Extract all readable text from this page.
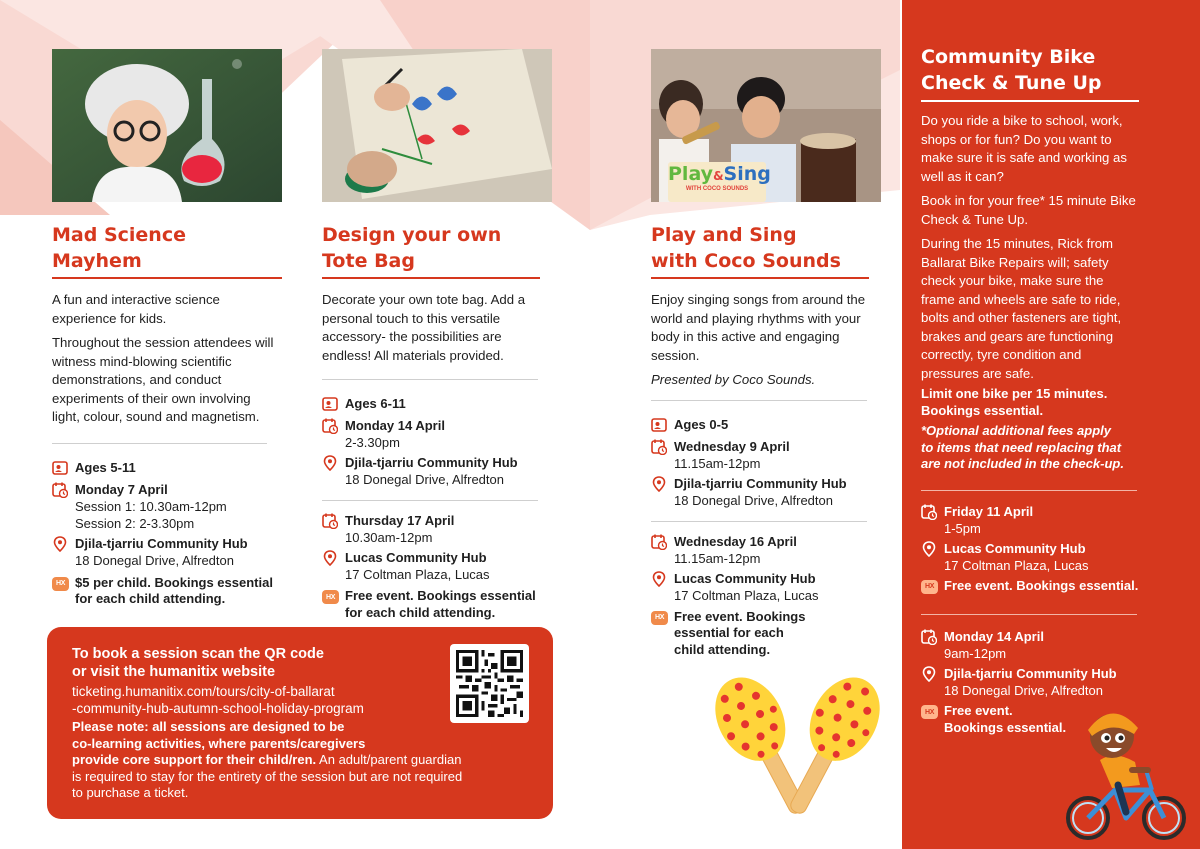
Mad Science Mayhem

A fun and interactive science experience for kids.

Throughout the session attendees will witness mind-blowing scientific demonstrations, and conduct experiments of their own involving light, colour, sound and magnetism.

Ages 5-11
Monday 7 April
Session 1: 10.30am-12pm
Session 2: 2-3.30pm
Djila-tjarriu Community Hub
18 Donegal Drive, Alfredton
HX $5 per child. Bookings essential
for each child attending.
Design your own
Tote Bag

Decorate your own tote bag. Add a personal touch to this versatile accessory- the possibilities are endless! All materials provided.

Ages 6-11
Monday 14 April
2-3.30pm
Djila-tjarriu Community Hub
18 Donegal Drive, Alfredton
Thursday 17 April
10.30am-12pm
Lucas Community Hub
17 Coltman Plaza, Lucas
HX Free event. Bookings essential
for each child attending.
Play&Sing
WITH COCO SOUNDS
Play and Sing
with Coco Sounds

Enjoy singing songs from around the world and playing rhythms with your body in this active and engaging session.

Presented by Coco Sounds.

Ages 0-5
Wednesday 9 April
11.15am-12pm
Djila-tjarriu Community Hub
18 Donegal Drive, Alfredton
Wednesday 16 April
11.15am-12pm
Lucas Community Hub
17 Coltman Plaza, Lucas
HX Free event. Bookings
essential for each
child attending.
To book a session scan the QR code
or visit the humanitix website
ticketing.humanitix.com/tours/city-of-ballarat
-community-hub-autumn-school-holiday-program
Please note: all sessions are designed to be
co-learning activities, where parents/caregivers
provide core support for their child/ren. An adult/parent guardian
is required to stay for the entirety of the session but are not required
to purchase a ticket.
Community Bike
Check & Tune Up

Do you ride a bike to school, work, shops or for fun? Do you want to make sure it is safe and working as well as it can?

Book in for your free* 15 minute Bike Check & Tune Up.

During the 15 minutes, Rick from Ballarat Bike Repairs will; safety check your bike, make sure the frame and wheels are safe to ride, bolts and other fasteners are tight, brakes and gears are functioning correctly, tyre condition and pressures are safe.

Limit one bike per 15 minutes.
Bookings essential.
*Optional additional fees apply
to items that need replacing that
are not included in the check-up.
Friday 11 April
1-5pm
Lucas Community Hub
17 Coltman Plaza, Lucas
HX Free event. Bookings essential.
Monday 14 April
9am-12pm
Djila-tjarriu Community Hub
18 Donegal Drive, Alfredton
HX Free event.
Bookings essential.
